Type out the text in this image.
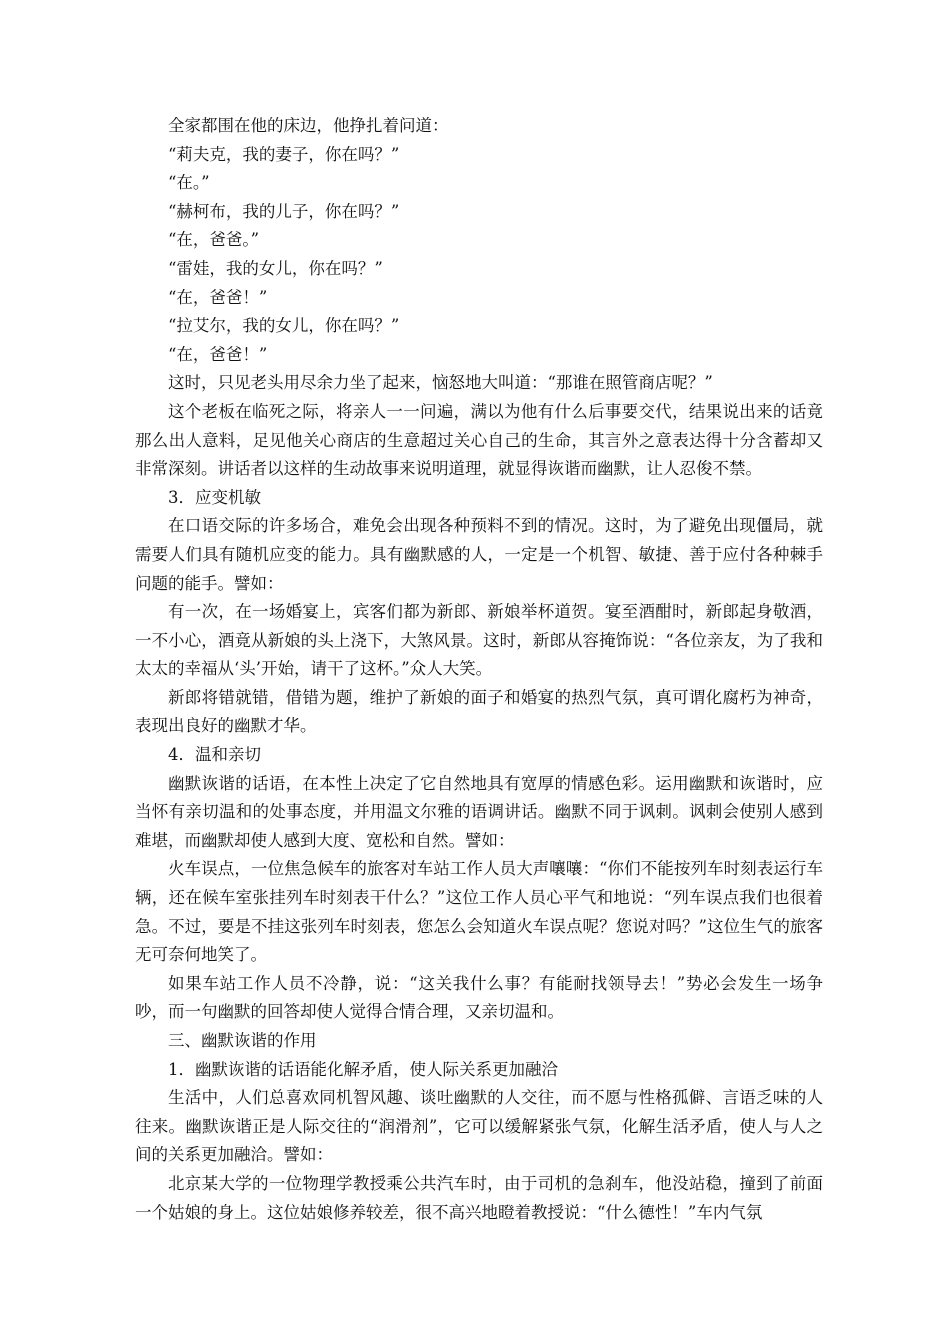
全家都围在他的床边，他挣扎着问道：

“莉夫克，我的妻子，你在吗？”

“在。”

“赫柯布，我的儿子，你在吗？”

“在，爸爸。”

“雷娃，我的女儿，你在吗？”

“在，爸爸！”

“拉艾尔，我的女儿，你在吗？”

“在，爸爸！”

这时，只见老头用尽余力坐了起来，恼怒地大叫道：“那谁在照管商店呢？”

这个老板在临死之际，将亲人一一问遍，满以为他有什么后事要交代，结果说出来的话竟那么出人意料，足见他关心商店的生意超过关心自己的生命，其言外之意表达得十分含蓄却又非常深刻。讲话者以这样的生动故事来说明道理，就显得诙谐而幽默，让人忍俊不禁。

3．应变机敏

在口语交际的许多场合，难免会出现各种预料不到的情况。这时，为了避免出现僵局，就需要人们具有随机应变的能力。具有幽默感的人，一定是一个机智、敏捷、善于应付各种棘手问题的能手。譬如：

有一次，在一场婚宴上，宾客们都为新郎、新娘举杯道贺。宴至酒酣时，新郎起身敬酒，一不小心，酒竟从新娘的头上浇下，大煞风景。这时，新郎从容掩饰说：“各位亲友，为了我和太太的幸福从‘头’开始，请干了这杯。”众人大笑。

新郎将错就错，借错为题，维护了新娘的面子和婚宴的热烈气氛，真可谓化腐朽为神奇，表现出良好的幽默才华。

4．温和亲切

幽默诙谐的话语，在本性上决定了它自然地具有宽厚的情感色彩。运用幽默和诙谐时，应当怀有亲切温和的处事态度，并用温文尔雅的语调讲话。幽默不同于讽刺。讽刺会使别人感到难堪，而幽默却使人感到大度、宽松和自然。譬如：

火车误点，一位焦急候车的旅客对车站工作人员大声嚷嚷：“你们不能按列车时刻表运行车辆，还在候车室张挂列车时刻表干什么？”这位工作人员心平气和地说：“列车误点我们也很着急。不过，要是不挂这张列车时刻表，您怎么会知道火车误点呢？您说对吗？”这位生气的旅客无可奈何地笑了。

如果车站工作人员不冷静，说：“这关我什么事？有能耐找领导去！”势必会发生一场争吵，而一句幽默的回答却使人觉得合情合理，又亲切温和。

三、幽默诙谐的作用

1．幽默诙谐的话语能化解矛盾，使人际关系更加融洽

生活中，人们总喜欢同机智风趣、谈吐幽默的人交往，而不愿与性格孤僻、言语乏味的人往来。幽默诙谐正是人际交往的“润滑剂”，它可以缓解紧张气氛，化解生活矛盾，使人与人之间的关系更加融洽。譬如：

北京某大学的一位物理学教授乘公共汽车时，由于司机的急刹车，他没站稳，撞到了前面一个姑娘的身上。这位姑娘修养较差，很不高兴地瞪着教授说：“什么德性！”车内气氛
